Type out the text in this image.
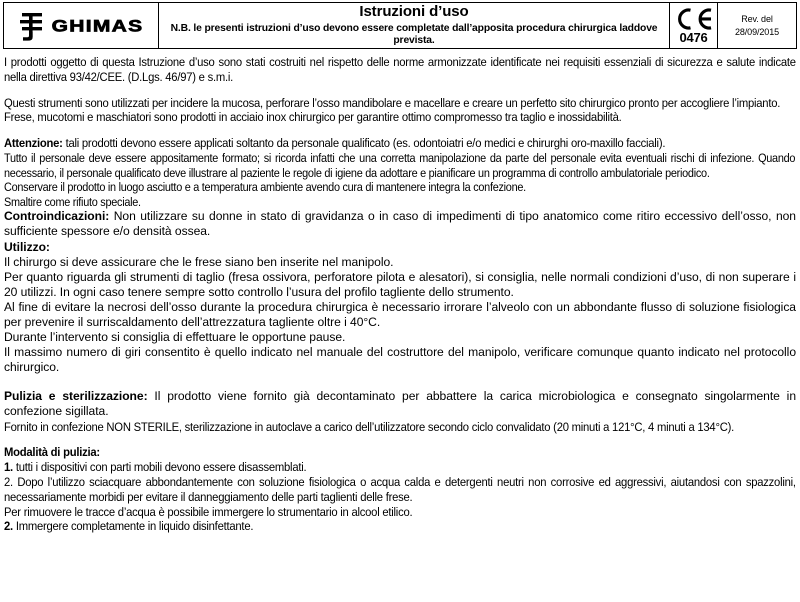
GHIMAS
Istruzioni d’uso
N.B. le presenti istruzioni d’uso devono essere completate dall’apposita procedura chirurgica laddove prevista.	0476
Rev. del
28/09/2015

I prodotti oggetto di questa Istruzione d’uso sono stati costruiti nel rispetto delle norme armonizzate identificate nei requisiti essenziali di sicurezza e salute indicate nella direttiva 93/42/CEE. (D.Lgs. 46/97) e s.m.i.

Questi strumenti sono utilizzati per incidere la mucosa, perforare l’osso mandibolare e macellare e creare un perfetto sito chirurgico pronto per accogliere l’impianto.

Frese, mucotomi e maschiatori sono prodotti in acciaio inox chirurgico per garantire ottimo compromesso tra taglio e inossidabilità.

Attenzione: tali prodotti devono essere applicati soltanto da personale qualificato (es. odontoiatri e/o medici e chirurghi oro-maxillo facciali).

Tutto il personale deve essere appositamente formato; si ricorda infatti che una corretta manipolazione da parte del personale evita eventuali rischi di infezione. Quando necessario, il personale qualificato deve illustrare al paziente le regole di igiene da adottare e pianificare un programma di controllo ambulatoriale periodico.

Conservare il prodotto in luogo asciutto e a temperatura ambiente avendo cura di mantenere integra la confezione.

Smaltire come rifiuto speciale.

Controindicazioni: Non utilizzare su donne in stato di gravidanza o in caso di impedimenti di tipo anatomico come ritiro eccessivo dell’osso, non sufficiente spessore e/o densità ossea.

Utilizzo:

Il chirurgo si deve assicurare che le frese siano ben inserite nel manipolo.

Per quanto riguarda gli strumenti di taglio (fresa ossivora, perforatore pilota e alesatori), si consiglia, nelle normali condizioni d’uso, di non superare i 20 utilizzi. In ogni caso tenere sempre sotto controllo l’usura del profilo tagliente dello strumento.

Al fine di evitare la necrosi dell’osso durante la procedura chirurgica è necessario irrorare l’alveolo con un abbondante flusso di soluzione fisiologica per prevenire il surriscaldamento dell’attrezzatura tagliente oltre i 40°C.

Durante l’intervento si consiglia di effettuare le opportune pause.

Il massimo numero di giri consentito è quello indicato nel manuale del costruttore del manipolo, verificare comunque quanto indicato nel protocollo chirurgico.

Pulizia e sterilizzazione: Il prodotto viene fornito già decontaminato per abbattere la carica microbiologica e consegnato singolarmente in confezione sigillata.

Fornito in confezione NON STERILE, sterilizzazione in autoclave a carico dell’utilizzatore secondo ciclo convalidato (20 minuti a 121°C, 4 minuti a 134°C).

Modalità di pulizia:

1. tutti i dispositivi con parti mobili devono essere disassemblati.

2. Dopo l’utilizzo sciacquare abbondantemente con soluzione fisiologica o acqua calda e detergenti neutri non corrosive ed aggressivi, aiutandosi con spazzolini, necessariamente morbidi per evitare il danneggiamento delle parti taglienti delle frese.

Per rimuovere le tracce d’acqua è possibile immergere lo strumentario in alcool etilico.

2. Immergere completamente in liquido disinfettante.
